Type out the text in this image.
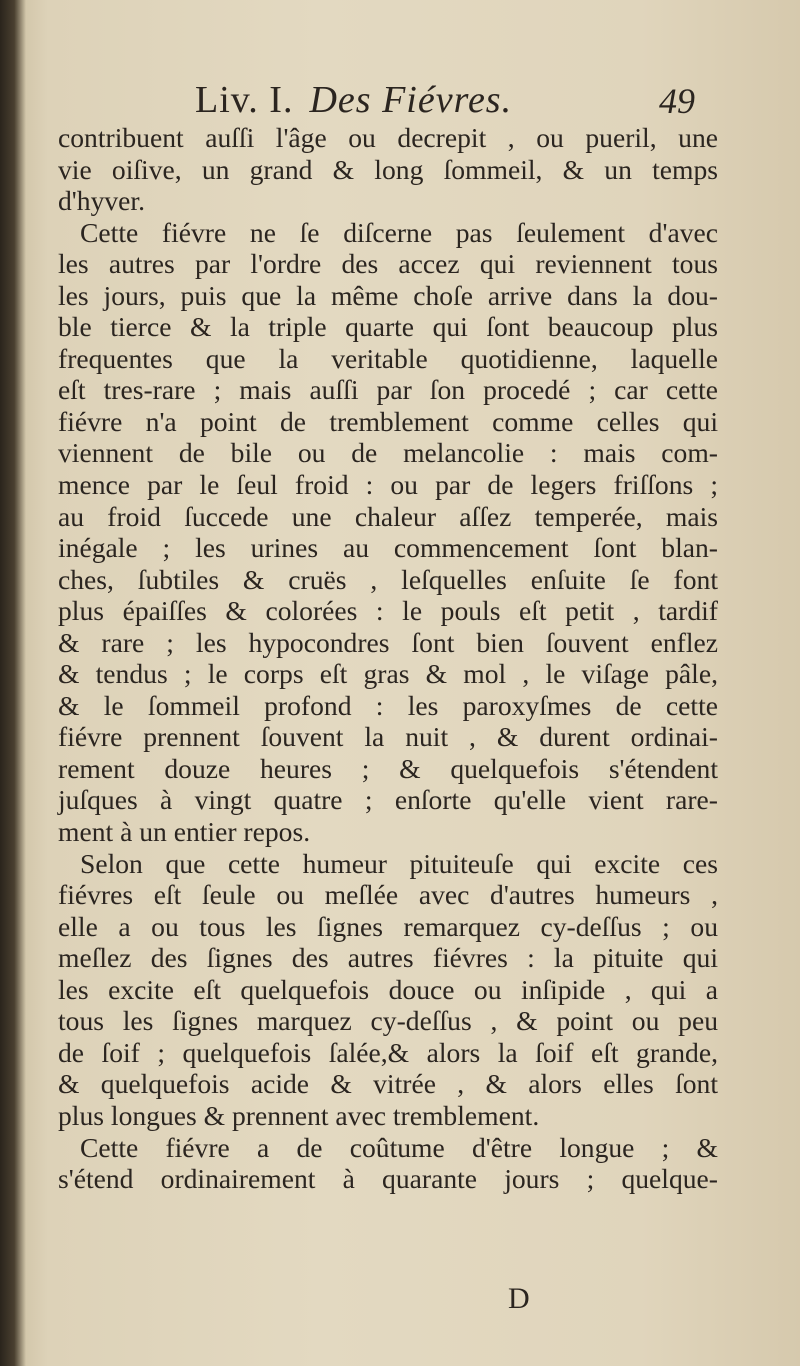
Liv. I. Des Fiévres.	49
contribuent auſſi l'âge ou decrepit , ou pueril, une
vie oiſive, un grand & long ſommeil, & un temps
d'hyver.
Cette fiévre ne ſe diſcerne pas ſeulement d'avec
les autres par l'ordre des accez qui reviennent tous
les jours, puis que la même choſe arrive dans la dou-
ble tierce & la triple quarte qui ſont beaucoup plus
frequentes que la veritable quotidienne, laquelle
eſt tres-rare ; mais auſſi par ſon procedé ; car cette
fiévre n'a point de tremblement comme celles qui
viennent de bile ou de melancolie : mais com-
mence par le ſeul froid : ou par de legers friſſons ;
au froid ſuccede une chaleur aſſez temperée, mais
inégale ; les urines au commencement ſont blan-
ches, ſubtiles & cruës , leſquelles enſuite ſe font
plus épaiſſes & colorées : le pouls eſt petit , tardif
& rare ; les hypocondres ſont bien ſouvent enflez
& tendus ; le corps eſt gras & mol , le viſage pâle,
& le ſommeil profond : les paroxyſmes de cette
fiévre prennent ſouvent la nuit , & durent ordinai-
rement douze heures ; & quelquefois s'étendent
juſques à vingt quatre ; enſorte qu'elle vient rare-
ment à un entier repos.
Selon que cette humeur pituiteuſe qui excite ces
fiévres eſt ſeule ou meſlée avec d'autres humeurs ,
elle a ou tous les ſignes remarquez cy-deſſus ; ou
meſlez des ſignes des autres fiévres : la pituite qui
les excite eſt quelquefois douce ou inſipide , qui a
tous les ſignes marquez cy-deſſus , & point ou peu
de ſoif ; quelquefois ſalée,& alors la ſoif eſt grande,
& quelquefois acide & vitrée , & alors elles ſont
plus longues & prennent avec tremblement.
Cette fiévre a de coûtume d'être longue ; &
s'étend ordinairement à quarante jours ; quelque-
D
